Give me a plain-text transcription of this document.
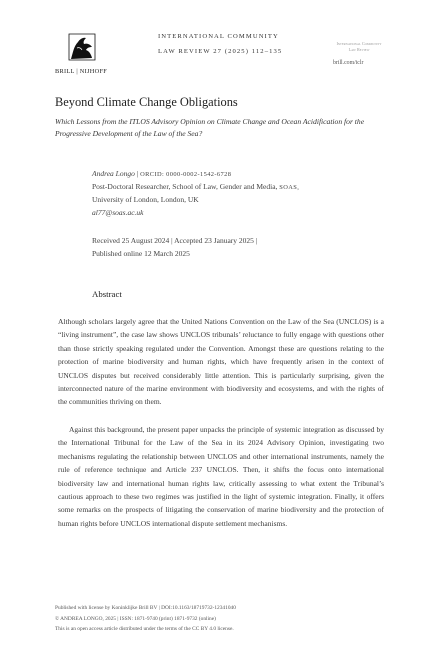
BRILL | NIJHOFF
INTERNATIONAL COMMUNITY
LAW REVIEW 27 (2025) 112–135
International Community
Law Review
brill.com/iclr
Beyond Climate Change Obligations
Which Lessons from the ITLOS Advisory Opinion on Climate Change and Ocean Acidification for the Progressive Development of the Law of the Sea?
Andrea Longo | ORCID: 0000-0002-1542-6728
Post-Doctoral Researcher, School of Law, Gender and Media, SOAS,
University of London, London, UK
al77@soas.ac.uk
Received 25 August 2024 | Accepted 23 January 2025 |
Published online 12 March 2025
Abstract
Although scholars largely agree that the United Nations Convention on the Law of the Sea (UNCLOS) is a “living instrument”, the case law shows UNCLOS tribunals’ reluctance to fully engage with questions other than those strictly speaking regulated under the Convention. Amongst these are questions relating to the protection of marine biodiversity and human rights, which have frequently arisen in the context of UNCLOS disputes but received considerably little attention. This is particularly surprising, given the interconnected nature of the marine environment with biodiversity and ecosystems, and with the rights of the communities thriving on them.
Against this background, the present paper unpacks the principle of systemic integration as discussed by the International Tribunal for the Law of the Sea in its 2024 Advisory Opinion, investigating two mechanisms regulating the relationship between UNCLOS and other international instruments, namely the rule of reference technique and Article 237 UNCLOS. Then, it shifts the focus onto international biodiversity law and international human rights law, critically assessing to what extent the Tribunal’s cautious approach to these two regimes was justified in the light of systemic integration. Finally, it offers some remarks on the prospects of litigating the conservation of marine biodiversity and the protection of human rights before UNCLOS international dispute settlement mechanisms.
Published with license by Koninklijke Brill BV | DOI:10.1163/18719732-12341040
© ANDREA LONGO, 2025 | ISSN: 1871-9740 (print) 1871-9732 (online)
This is an open access article distributed under the terms of the CC BY 4.0 license.
